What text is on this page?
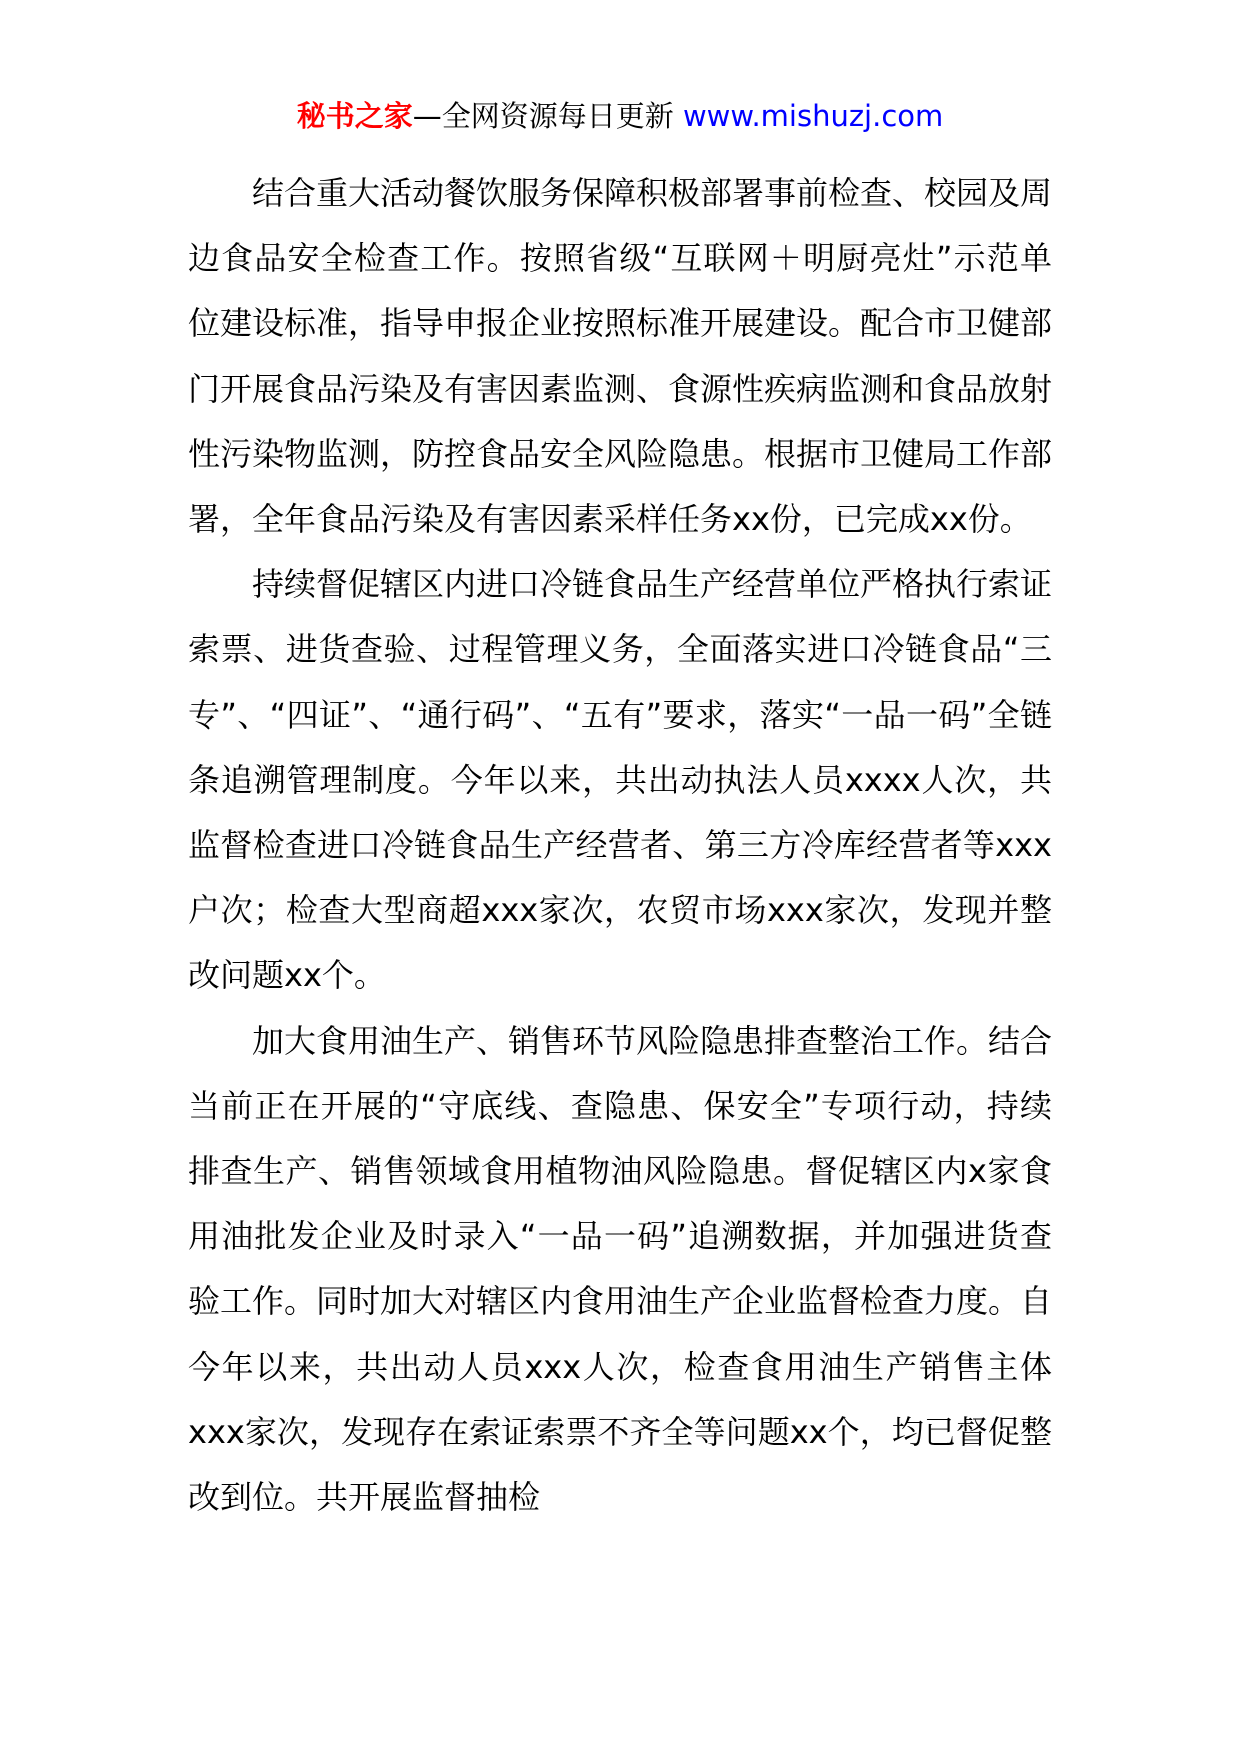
秘书之家—全网资源每日更新 www.mishuzj.com

结合重大活动餐饮服务保障积极部署事前检查、校园及周边食品安全检查工作。按照省级“互联网＋明厨亮灶”示范单位建设标准，指导申报企业按照标准开展建设。配合市卫健部门开展食品污染及有害因素监测、食源性疾病监测和食品放射性污染物监测，防控食品安全风险隐患。根据市卫健局工作部署，全年食品污染及有害因素采样任务xx份，已完成xx份。

持续督促辖区内进口冷链食品生产经营单位严格执行索证索票、进货查验、过程管理义务，全面落实进口冷链食品“三专”、“四证”、“通行码”、“五有”要求，落实“一品一码”全链条追溯管理制度。今年以来，共出动执法人员xxxx人次，共监督检查进口冷链食品生产经营者、第三方冷库经营者等xxx户次；检查大型商超xxx家次，农贸市场xxx家次，发现并整改问题xx个。

加大食用油生产、销售环节风险隐患排查整治工作。结合当前正在开展的“守底线、查隐患、保安全”专项行动，持续排查生产、销售领域食用植物油风险隐患。督促辖区内x家食用油批发企业及时录入“一品一码”追溯数据，并加强进货查验工作。同时加大对辖区内食用油生产企业监督检查力度。自今年以来，共出动人员xxx人次，检查食用油生产销售主体xxx家次，发现存在索证索票不齐全等问题xx个，均已督促整改到位。共开展监督抽检
